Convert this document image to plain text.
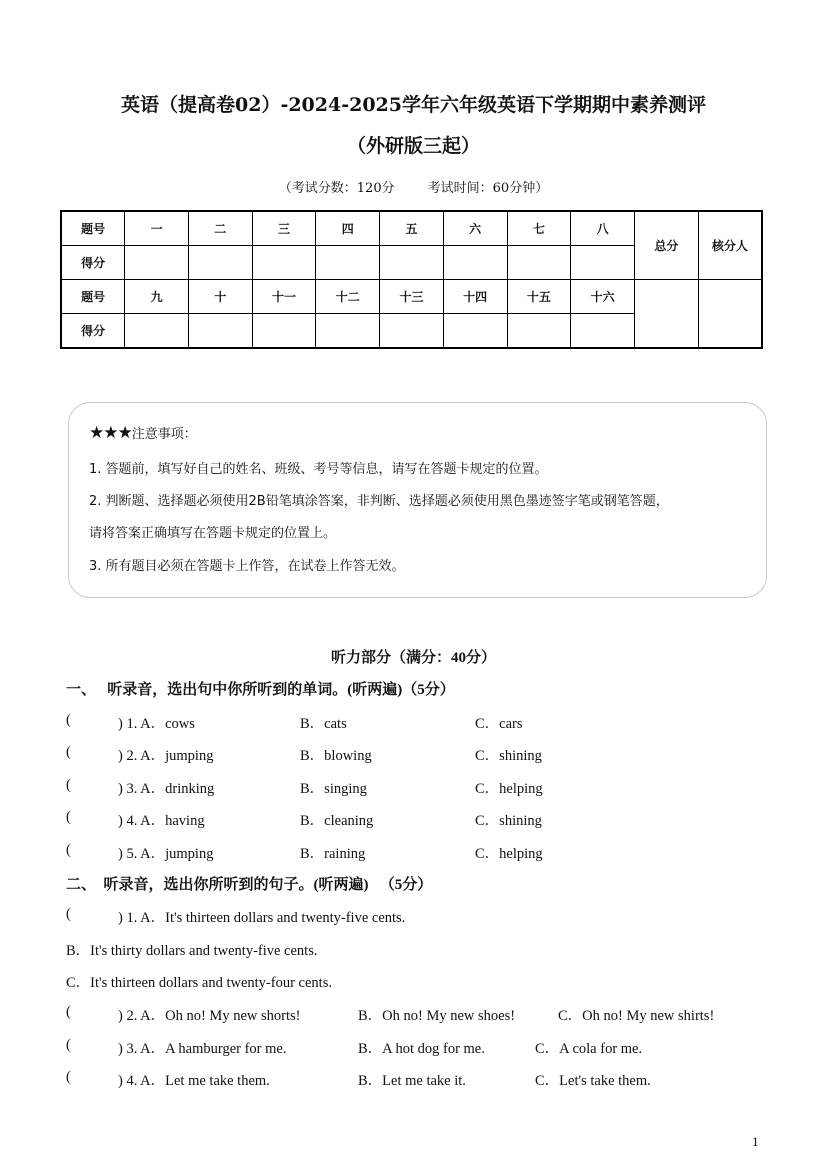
英语（提高卷02）-2024-2025学年六年级英语下学期期中素养测评
（外研版三起）
（考试分数：120分        考试时间：60分钟）
题号	一	二	三	四	五	六	七	八	总分	核分人
得分										
题号	九	十	十一	十二	十三	十四	十五	十六		
得分										
★★★注意事项：
1. 答题前，填写好自己的姓名、班级、考号等信息，请写在答题卡规定的位置。
2. 判断题、选择题必须使用2B铅笔填涂答案，非判断、选择题必须使用黑色墨迹签字笔或钢笔答题，
请将答案正确填写在答题卡规定的位置上。
3. 所有题目必须在答题卡上作答，在试卷上作答无效。
听力部分（满分：40分）
一、   听录音，选出句中你所听到的单词。(听两遍)（5分）
(	) 1. A．cows	B．cats	C．cars
(	) 2. A．jumping	B．blowing	C．shining
(	) 3. A．drinking	B．singing	C．helping
(	) 4. A．having	B．cleaning	C．shining
(	) 5. A．jumping	B．raining	C．helping
二、  听录音，选出你所听到的句子。(听两遍)   （5分）
(	) 1. A．It's thirteen dollars and twenty-five cents.
B．It's thirty dollars and twenty-five cents.
C．It's thirteen dollars and twenty-four cents.
(	) 2. A．Oh no! My new shorts!	B．Oh no! My new shoes!	C．Oh no! My new shirts!
(	) 3. A．A hamburger for me.	B．A hot dog for me.	C．A cola for me.
(	) 4. A．Let me take them.	B．Let me take it.	C．Let's take them.
1
